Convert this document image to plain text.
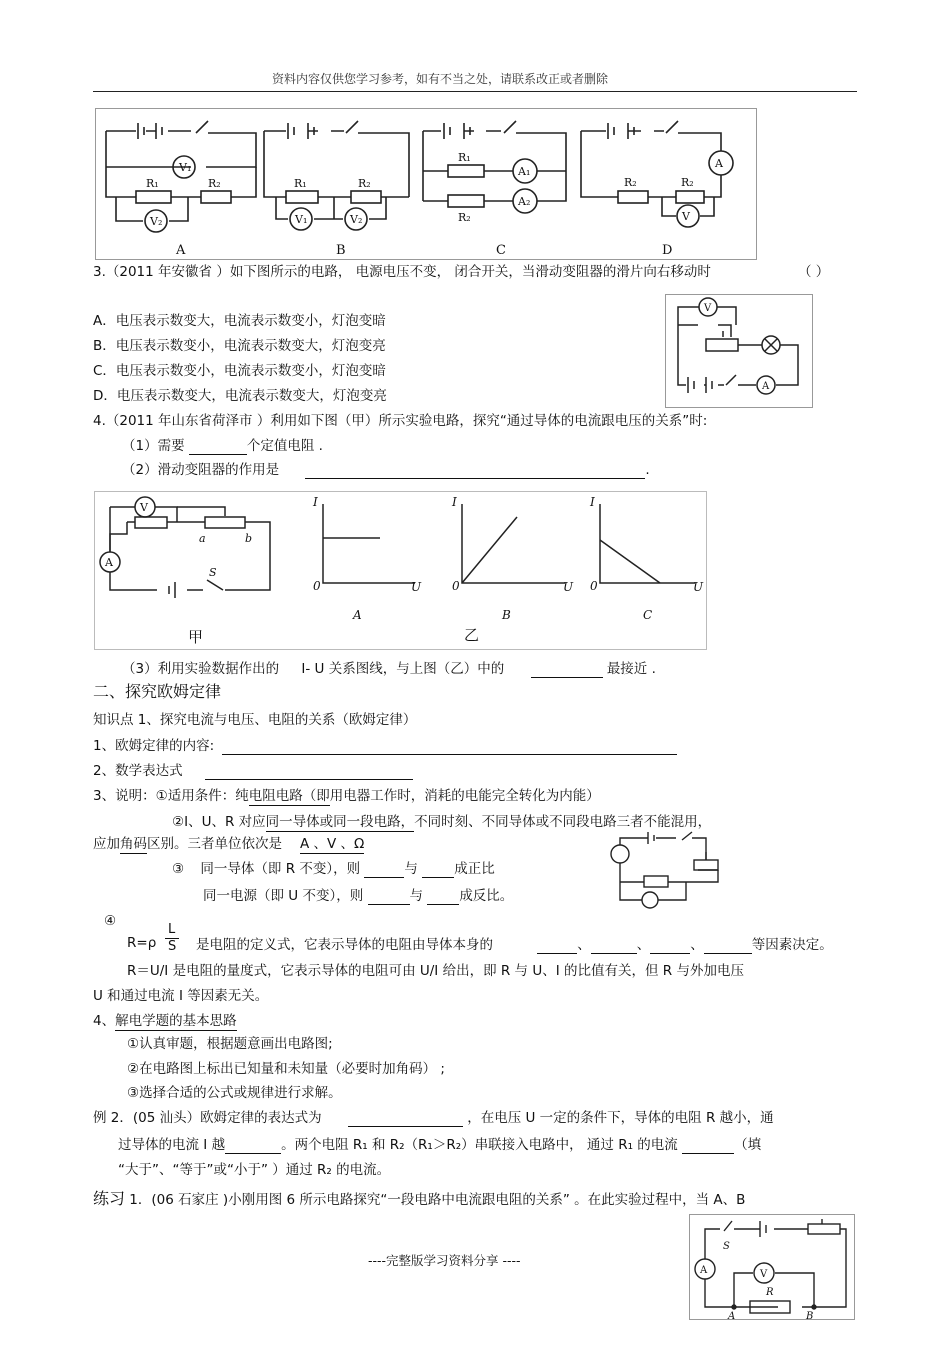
资料内容仅供您学习参考，如有不当之处，请联系改正或者删除
V₁
V₂
R₁	R₂	R₁	R₂
V₁	V₂
R₁
R₂
A₁
A₂
A
V
R₂	R₂
A	B	C	D
3.（2011 年安徽省 ）如下图所示的电路， 电源电压不变， 闭合开关，当滑动变阻器的滑片向右移动时	（ ）
A．电压表示数变大，电流表示数变小，灯泡变暗
B．电压表示数变小，电流表示数变大，灯泡变亮
C．电压表示数变小，电流表示数变小，灯泡变暗
D．电压表示数变大，电流表示数变大，灯泡变亮
V
A
4.（2011 年山东省荷泽市 ）利用如下图（甲）所示实验电路，探究“通过导体的电流跟电压的关系”时:
（1）需要	个定值电阻 .
（2）滑动变阻器的作用是	.
V
A
a	b
S
I
U
0
I
U
0
I
U
0
A	B	C
甲	乙
（3）利用实验数据作出的 I- U 关系图线，与上图（乙）中的	最接近 .
二、探究欧姆定律
知识点 1、探究电流与电压、电阻的关系（欧姆定律）
1、欧姆定律的内容:
2、数学表达式
3、说明：①适用条件：纯电阻电路（即用电器工作时，消耗的电能完全转化为内能）
②I、U、R 对应同一导体或同一段电路，不同时刻、不同导体或不同段电路三者不能混用，
应加角码区别。三者单位依次是A 、V 、Ω
③ 同一导体（即 R 不变），则	与	成正比
同一电源（即 U 不变），则	与	成反比。
④
R=ρ
L
S 是电阻的定义式，它表示导体的电阻由导体本身的	、	、	、	等因素决定。
R＝U/I 是电阻的量度式，它表示导体的电阻可由 U/I 给出，即 R 与 U、I 的比值有关，但 R 与外加电压
U 和通过电流 I 等因素无关。
4、解电学题的基本思路
①认真审题，根据题意画出电路图;
②在电路图上标出已知量和未知量（必要时加角码） ;
③选择合适的公式或规律进行求解。
例 2．(05 汕头）欧姆定律的表达式为	，在电压 U 一定的条件下，导体的电阻 R 越小，通
过导体的电流 I 越	。两个电阻 R₁ 和 R₂（R₁＞R₂）串联接入电路中， 通过 R₁ 的电流	（填
“大于”、“等于”或“小于” ）通过 R₂ 的电流。
练习 1．(06 石家庄 )小刚用图 6 所示电路探究“一段电路中电流跟电阻的关系” 。在此实验过程中，当 A、B
S
A	V
R
A	B
----完整版学习资料分享 ----
